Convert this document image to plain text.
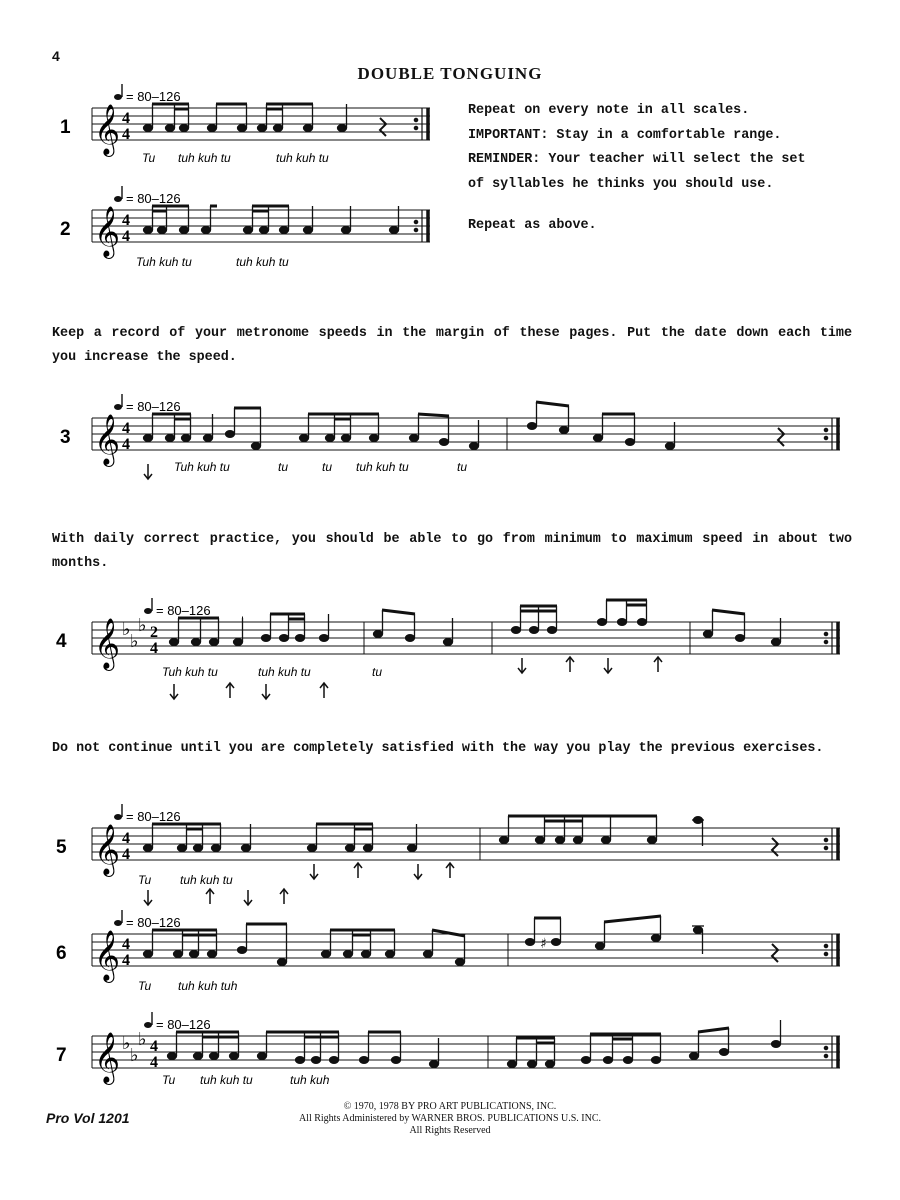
4
DOUBLE TONGUING

Repeat on every note in all scales.

IMPORTANT: Stay in a comfortable range.

REMINDER: Your teacher will select the set

of syllables he thinks you should use.

Repeat as above.
Keep a record of your metronome speeds in the margin of these pages. Put the date down each time you increase the speed.
With daily correct practice, you should be able to go from minimum to maximum speed in about two months.
Do not continue until you are completely satisfied with the way you play the previous exercises.
1
= 80–126
𝄞 4
4
Tu tuh kuh tu	tuh kuh tu
2
= 80–126
𝄞 4
4
Tuh kuh tu	tuh kuh tu
3
= 80–126
𝄞 4
4
Tuh kuh tu	tu	tu tuh kuh tu	tu
4
= 80–126
𝄞 ♭
♭
♭ 2
4
Tuh kuh tu	tuh kuh tu	tu
5
= 80–126
𝄞 4
4
Tu tuh kuh tu
6
= 80–126
𝄞 4
4
♯
Tu tuh kuh tuh
7
= 80–126
𝄞 ♭
♭
♭ 4
4
Tu tuh kuh tu	tuh kuh
Pro Vol 1201
© 1970, 1978 BY PRO ART PUBLICATIONS, INC.
All Rights Administered by WARNER BROS. PUBLICATIONS U.S. INC.
All Rights Reserved
